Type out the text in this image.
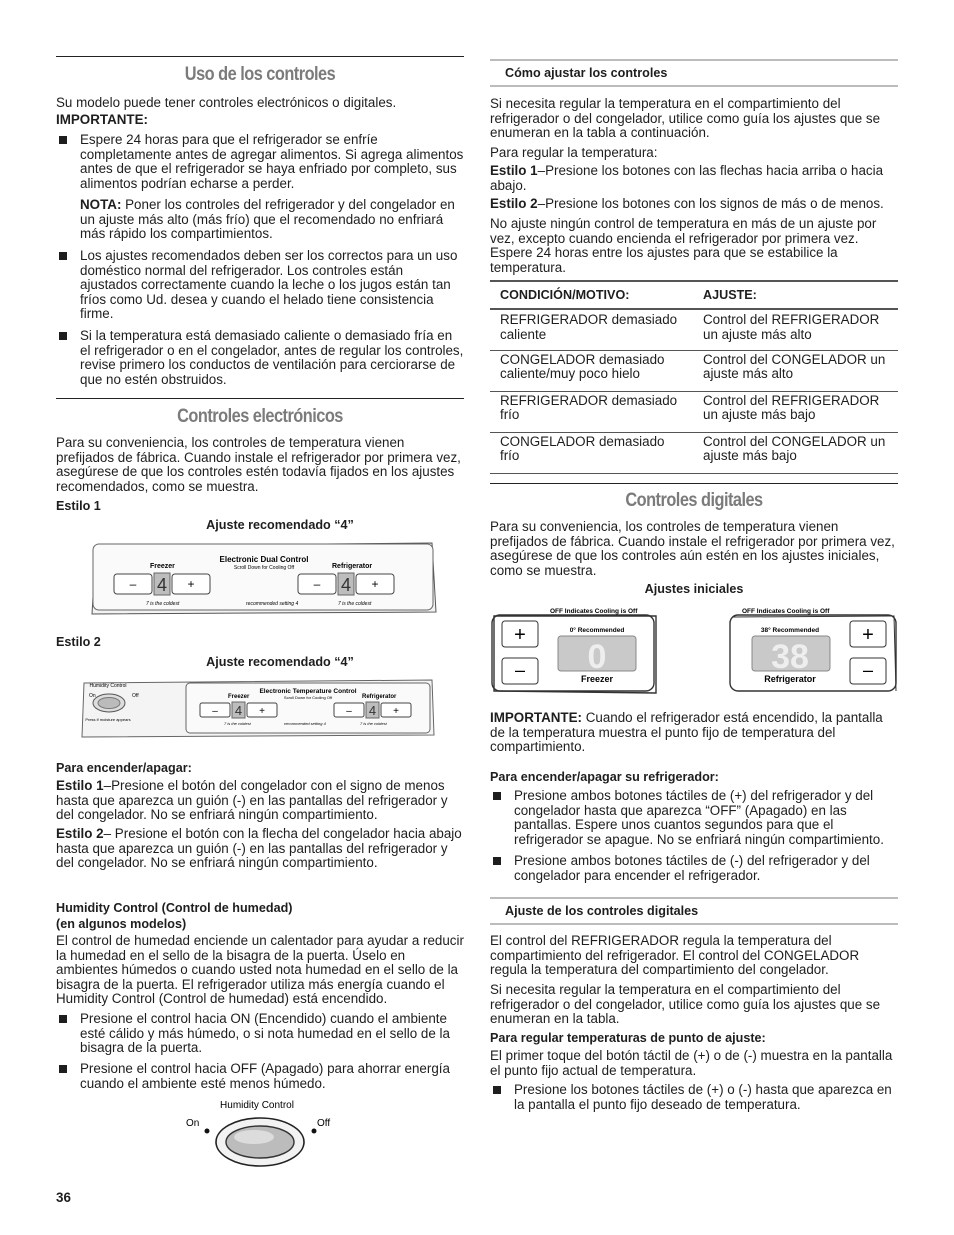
Uso de los controles

Su modelo puede tener controles electrónicos o digitales.

IMPORTANTE:

Espere 24 horas para que el refrigerador se enfríe completamente antes de agregar alimentos. Si agrega alimentos antes de que el refrigerador se haya enfriado por completo, sus alimentos podrían echarse a perder.
NOTA: Poner los controles del refrigerador y del congelador en un ajuste más alto (más frío) que el recomendado no enfriará más rápido los compartimientos.
Los ajustes recomendados deben ser los correctos para un uso doméstico normal del refrigerador. Los controles están ajustados correctamente cuando la leche o los jugos están tan fríos como Ud. desea y cuando el helado tiene consistencia firme.
Si la temperatura está demasiado caliente o demasiado fría en el refrigerador o en el congelador, antes de regular los controles, revise primero los conductos de ventilación para cerciorarse de que no estén obstruidos.
Controles electrónicos

Para su conveniencia, los controles de temperatura vienen prefijados de fábrica. Cuando instale el refrigerador por primera vez, asegúrese de que los controles estén todavía fijados en los ajustes recomendados, como se muestra.

Estilo 1

Ajuste recomendado “4”

Electronic Dual Control
Scroll Down for Cooling Off
Freezer	Refrigerator
– 4 +	– 4 +
7 is the coldest	recommended setting 4	7 is the coldest

Estilo 2

Ajuste recomendado “4”

Humidity Control
On	Off
Press if moisture appears
Electronic Temperature Control
Scroll Down for Cooling Off
Freezer	Refrigerator
– 4 +	– 4 +
7 is the coldest	recommended setting 4	7 is the coldest

Para encender/apagar:

Estilo 1–Presione el botón del congelador con el signo de menos hasta que aparezca un guión (-) en las pantallas del refrigerador y del congelador. No se enfriará ningún compartimiento.

Estilo 2– Presione el botón con la flecha del congelador hacia abajo hasta que aparezca un guión (-) en las pantallas del refrigerador y del congelador. No se enfriará ningún compartimiento.

Humidity Control (Control de humedad)

(en algunos modelos)

El control de humedad enciende un calentador para ayudar a reducir la humedad en el sello de la bisagra de la puerta. Úselo en ambientes húmedos o cuando usted nota humedad en el sello de la bisagra de la puerta. El refrigerador utiliza más energía cuando el Humidity Control (Control de humedad) está encendido.

Presione el control hacia ON (Encendido) cuando el ambiente esté cálido y más húmedo, o si nota humedad en el sello de la bisagra de la puerta.
Presione el control hacia OFF (Apagado) para ahorrar energía cuando el ambiente esté menos húmedo.
Humidity Control
On	Off

36

Cómo ajustar los controles

Si necesita regular la temperatura en el compartimiento del refrigerador o del congelador, utilice como guía los ajustes que se enumeran en la tabla a continuación.

Para regular la temperatura:

Estilo 1–Presione los botones con las flechas hacia arriba o hacia abajo.

Estilo 2–Presione los botones con los signos de más o de menos.

No ajuste ningún control de temperatura en más de un ajuste por vez, excepto cuando encienda el refrigerador por primera vez. Espere 24 horas entre los ajustes para que se estabilice la temperatura.

CONDICIÓN/MOTIVO:	AJUSTE:
REFRIGERADOR demasiado caliente	Control del REFRIGERADOR un ajuste más alto
CONGELADOR demasiado caliente/muy poco hielo	Control del CONGELADOR un ajuste más alto
REFRIGERADOR demasiado frío	Control del REFRIGERADOR un ajuste más bajo
CONGELADOR demasiado frío	Control del CONGELADOR un ajuste más bajo
Controles digitales

Para su conveniencia, los controles de temperatura vienen prefijados de fábrica. Cuando instale el refrigerador por primera vez, asegúrese de que los controles aún estén en los ajustes iniciales, como se muestra.

Ajustes iniciales

OFF Indicates Cooling is Off	OFF Indicates Cooling is Off
+
–
0° Recommended
0
Freezer
+
–
38° Recommended
38
Refrigerator

IMPORTANTE: Cuando el refrigerador está encendido, la pantalla de la temperatura muestra el punto fijo de temperatura del compartimiento.

Para encender/apagar su refrigerador:

Presione ambos botones táctiles de (+) del refrigerador y del congelador hasta que aparezca “OFF” (Apagado) en las pantallas. Espere unos cuantos segundos para que el refrigerador se apague. No se enfriará ningún compartimiento.
Presione ambos botones táctiles de (-) del refrigerador y del congelador para encender el refrigerador.
Ajuste de los controles digitales

El control del REFRIGERADOR regula la temperatura del compartimiento del refrigerador. El control del CONGELADOR regula la temperatura del compartimiento del congelador.

Si necesita regular la temperatura en el compartimiento del refrigerador o del congelador, utilice como guía los ajustes que se enumeran en la tabla.

Para regular temperaturas de punto de ajuste:

El primer toque del botón táctil de (+) o de (-) muestra en la pantalla el punto fijo actual de temperatura.

Presione los botones táctiles de (+) o (-) hasta que aparezca en la pantalla el punto fijo deseado de temperatura.
